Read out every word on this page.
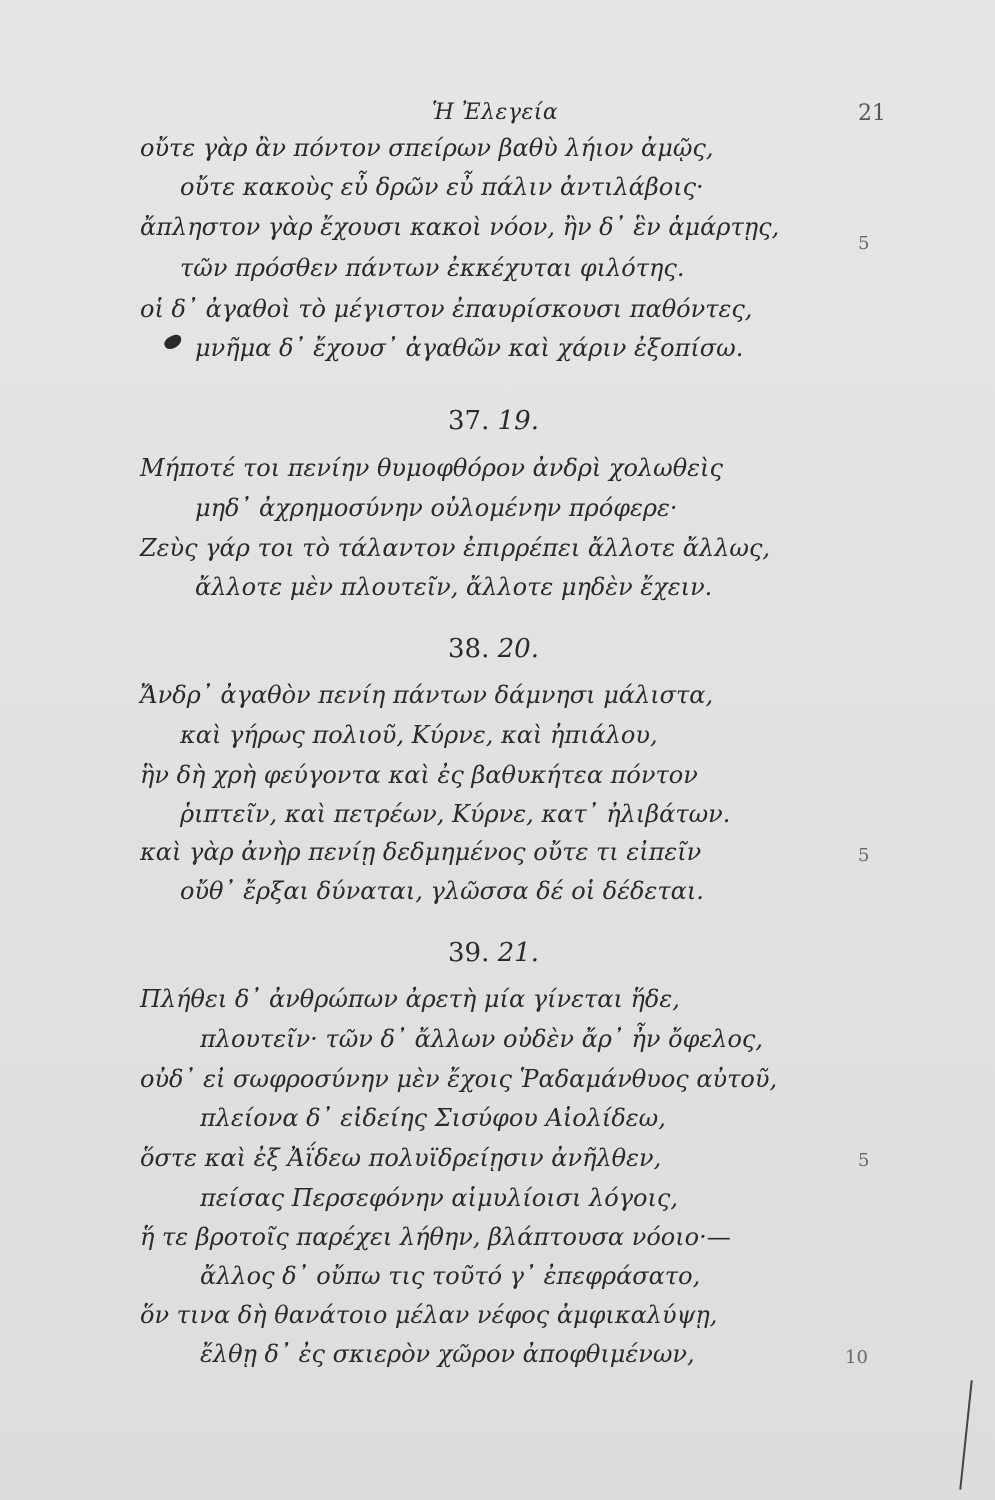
Ἡ Ἐλεγεία	21
οὔτε γὰρ ἂν πόντον σπείρων βαθὺ λήιον ἀμῷς,
οὔτε κακοὺς εὖ δρῶν εὖ πάλιν ἀντιλάβοις·
ἄπληστον γὰρ ἔχουσι κακοὶ νόον, ἢν δ᾽ ἓν ἁμάρτῃς,
τῶν πρόσθεν πάντων ἐκκέχυται φιλότης.
οἱ δ᾽ ἀγαθοὶ τὸ μέγιστον ἐπαυρίσκουσι παθόντες,
μνῆμα δ᾽ ἔχουσ᾽ ἀγαθῶν καὶ χάριν ἐξοπίσω.
5
37. 19.
Μήποτέ τοι πενίην θυμοφθόρον ἀνδρὶ χολωθεὶς
μηδ᾽ ἀχρημοσύνην οὐλομένην πρόφερε·
Ζεὺς γάρ τοι τὸ τάλαντον ἐπιρρέπει ἄλλοτε ἄλλως,
ἄλλοτε μὲν πλουτεῖν, ἄλλοτε μηδὲν ἔχειν.
38. 20.
Ἄνδρ᾽ ἀγαθὸν πενίη πάντων δάμνησι μάλιστα,
καὶ γήρως πολιοῦ, Κύρνε, καὶ ἠπιάλου,
ἣν δὴ χρὴ φεύγοντα καὶ ἐς βαθυκήτεα πόντον
ῥιπτεῖν, καὶ πετρέων, Κύρνε, κατ᾽ ἠλιβάτων.
καὶ γὰρ ἀνὴρ πενίῃ δεδμημένος οὔτε τι εἰπεῖν
οὔθ᾽ ἔρξαι δύναται, γλῶσσα δέ οἱ δέδεται.
5
39. 21.
Πλήθει δ᾽ ἀνθρώπων ἀρετὴ μία γίνεται ἥδε,
πλουτεῖν· τῶν δ᾽ ἄλλων οὐδὲν ἄρ᾽ ἦν ὄφελος,
οὐδ᾽ εἰ σωφροσύνην μὲν ἔχοις Ῥαδαμάνθυος αὐτοῦ,
πλείονα δ᾽ εἰδείης Σισύφου Αἰολίδεω,
ὅστε καὶ ἐξ Ἀΐδεω πολυϊδρείῃσιν ἀνῆλθεν,
πείσας Περσεφόνην αἱμυλίοισι λόγοις,
ἥ τε βροτοῖς παρέχει λήθην, βλάπτουσα νόοιο·—
ἄλλος δ᾽ οὔπω τις τοῦτό γ᾽ ἐπεφράσατο,
ὅν τινα δὴ θανάτοιο μέλαν νέφος ἀμφικαλύψῃ,
ἔλθῃ δ᾽ ἐς σκιερὸν χῶρον ἀποφθιμένων,
5
10
